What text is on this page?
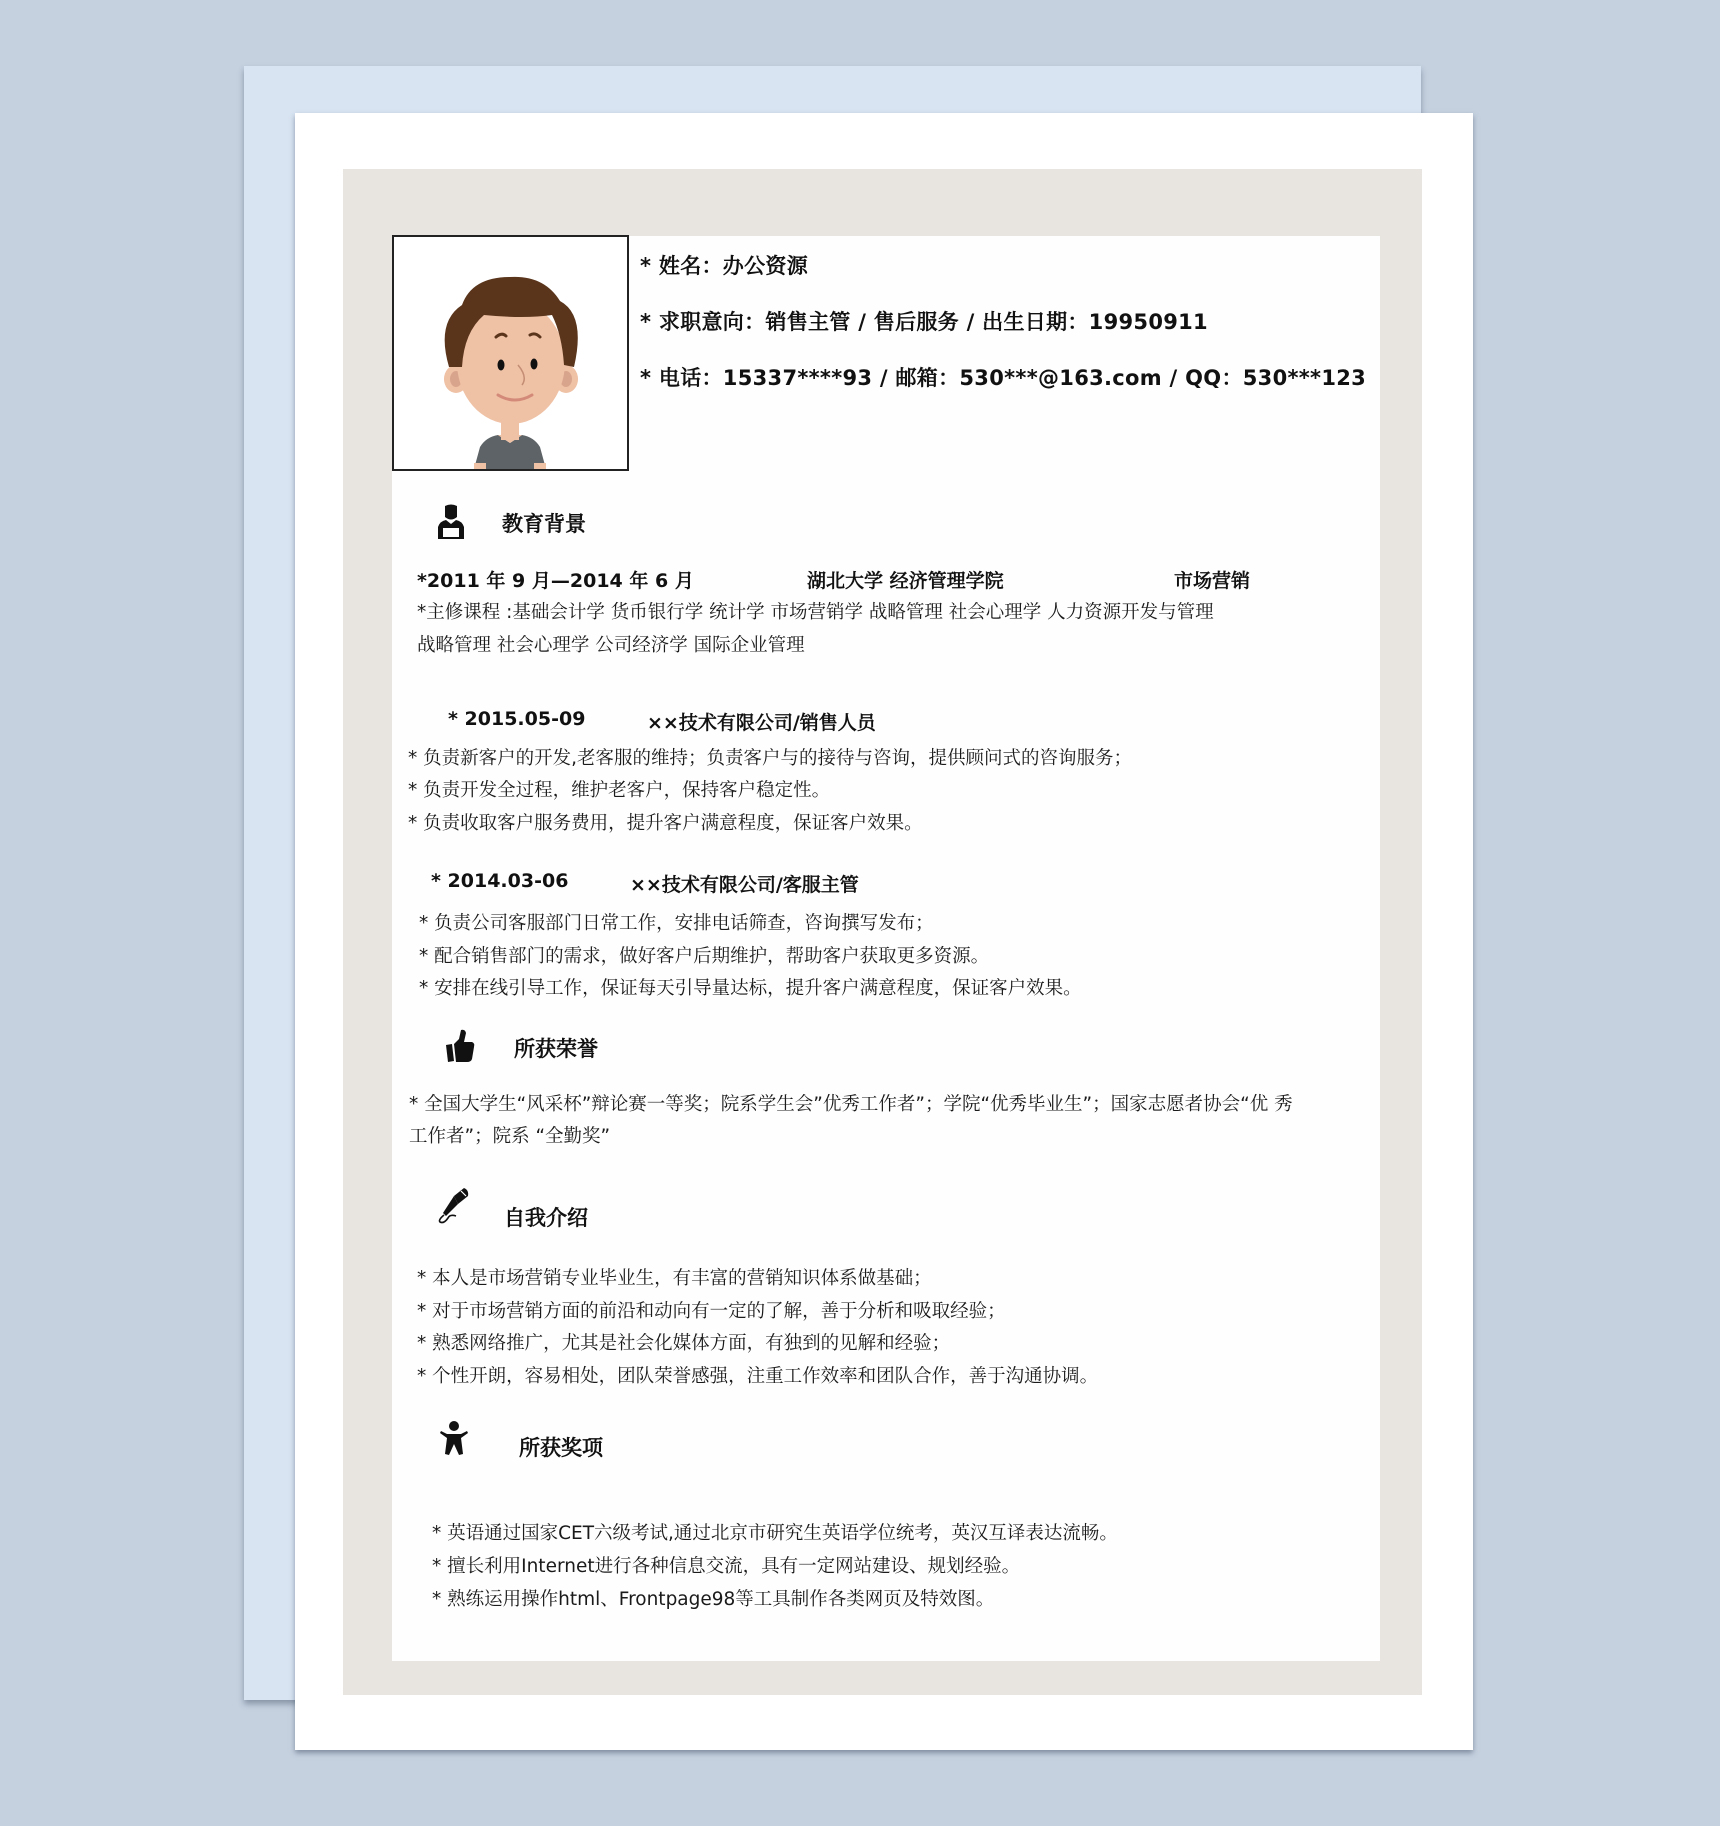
* 姓名：办公资源
* 求职意向：销售主管 / 售后服务 / 出生日期：19950911
* 电话：15337****93 / 邮箱：530***@163.com / QQ：530***123
教育背景
*2011 年 9 月—2014 年 6 月	湖北大学 经济管理学院	市场营销
*主修课程 :基础会计学 货币银行学 统计学 市场营销学 战略管理 社会心理学 人力资源开发与管理
战略管理 社会心理学 公司经济学 国际企业管理
* 2015.05-09	××技术有限公司/销售人员
* 负责新客户的开发,老客服的维持；负责客户与的接待与咨询，提供顾问式的咨询服务；
* 负责开发全过程，维护老客户，保持客户稳定性。
* 负责收取客户服务费用，提升客户满意程度，保证客户效果。
* 2014.03-06	××技术有限公司/客服主管
* 负责公司客服部门日常工作，安排电话筛查，咨询撰写发布；
* 配合销售部门的需求，做好客户后期维护，帮助客户获取更多资源。
* 安排在线引导工作，保证每天引导量达标，提升客户满意程度，保证客户效果。
所获荣誉
* 全国大学生“风采杯”辩论赛一等奖；院系学生会”优秀工作者”；学院“优秀毕业生”；国家志愿者协会“优 秀
工作者”；院系 “全勤奖”
自我介绍
* 本人是市场营销专业毕业生，有丰富的营销知识体系做基础；
* 对于市场营销方面的前沿和动向有一定的了解，善于分析和吸取经验；
* 熟悉网络推广，尤其是社会化媒体方面，有独到的见解和经验；
* 个性开朗，容易相处，团队荣誉感强，注重工作效率和团队合作，善于沟通协调。
所获奖项
* 英语通过国家CET六级考试,通过北京市研究生英语学位统考，英汉互译表达流畅。
* 擅长利用Internet进行各种信息交流，具有一定网站建设、规划经验。
* 熟练运用操作html、Frontpage98等工具制作各类网页及特效图。
